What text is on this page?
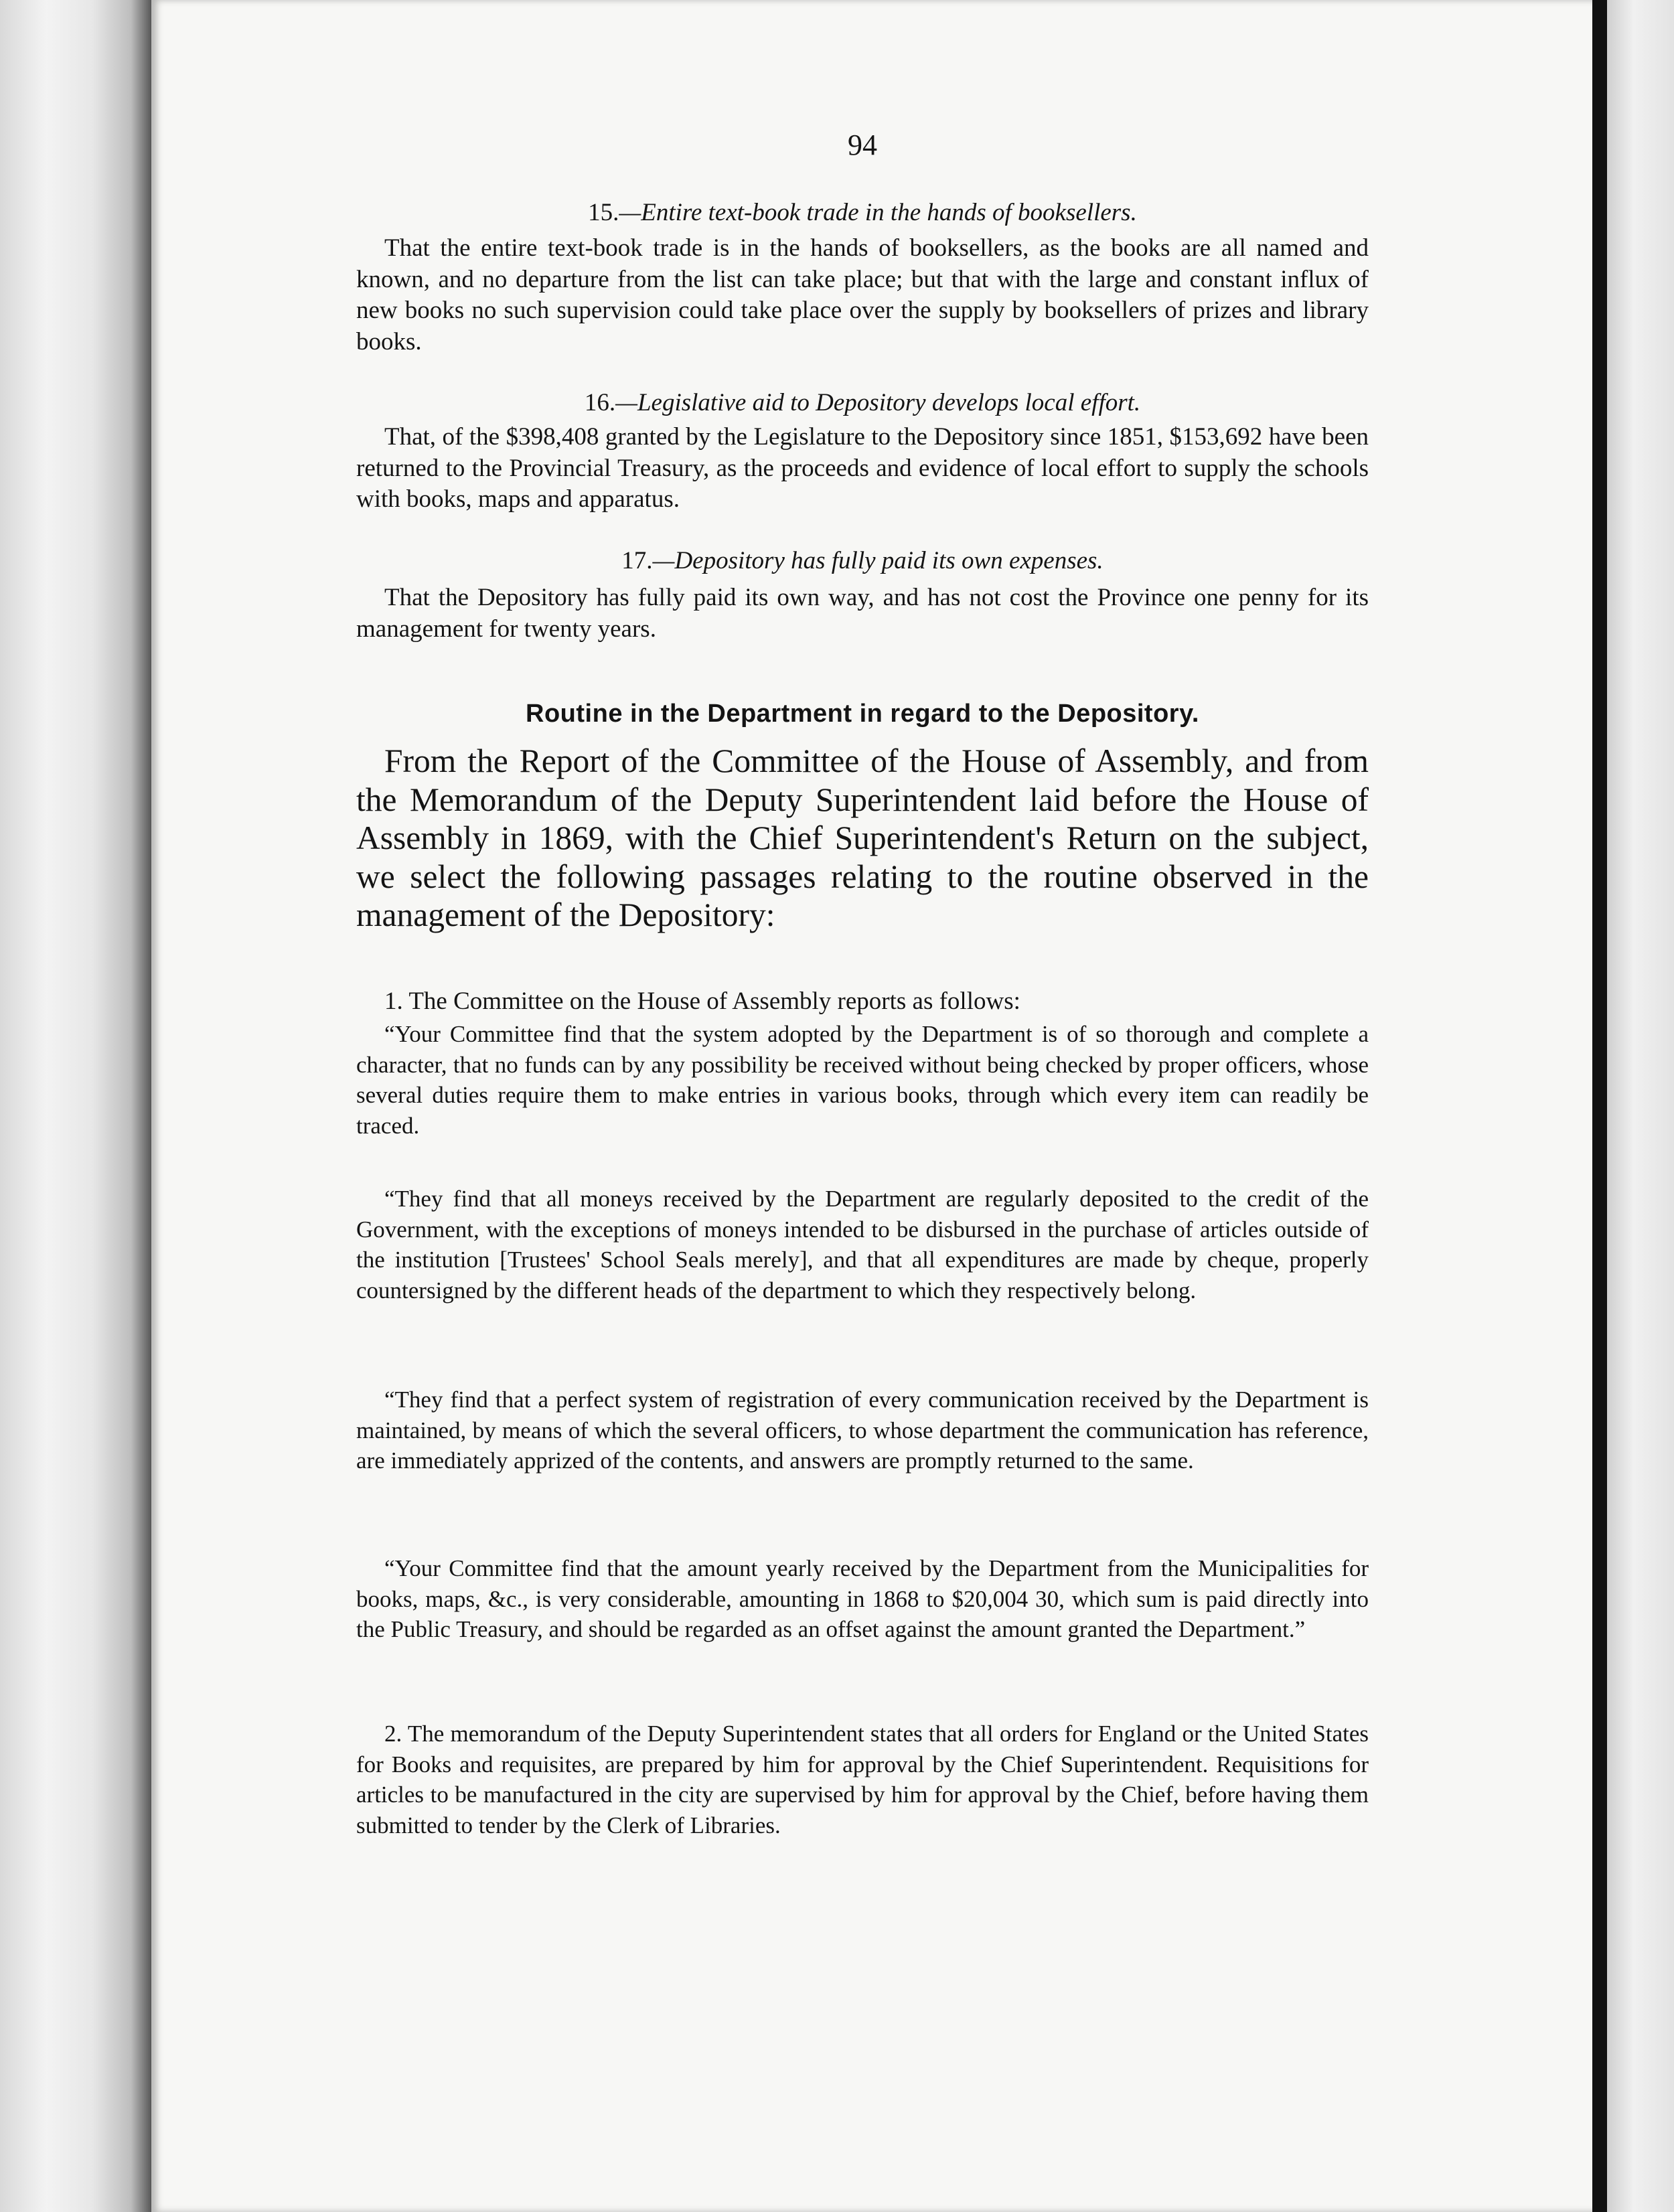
94
15.—Entire text-book trade in the hands of booksellers.

That the entire text-book trade is in the hands of booksellers, as the books are all named and known, and no departure from the list can take place; but that with the large and constant influx of new books no such supervision could take place over the supply by booksellers of prizes and library books.

16.—Legislative aid to Depository develops local effort.

That, of the $398,408 granted by the Legislature to the Depository since 1851, $153,692 have been returned to the Provincial Treasury, as the proceeds and evidence of local effort to supply the schools with books, maps and apparatus.

17.—Depository has fully paid its own expenses.

That the Depository has fully paid its own way, and has not cost the Province one penny for its management for twenty years.

Routine in the Department in regard to the Depository.

From the Report of the Committee of the House of Assembly, and from the Memorandum of the Deputy Superintendent laid before the House of Assembly in 1869, with the Chief Superintendent's Return on the subject, we select the following passages relating to the routine observed in the management of the Depository:

1. The Committee on the House of Assembly reports as follows:

“Your Committee find that the system adopted by the Department is of so thorough and complete a character, that no funds can by any possibility be received without being checked by proper officers, whose several duties require them to make entries in various books, through which every item can readily be traced.

“They find that all moneys received by the Department are regularly deposited to the credit of the Government, with the exceptions of moneys intended to be disbursed in the purchase of articles outside of the institution [Trustees' School Seals merely], and that all expenditures are made by cheque, properly countersigned by the different heads of the department to which they respectively belong.

“They find that a perfect system of registration of every communication received by the Department is maintained, by means of which the several officers, to whose department the communication has reference, are immediately apprized of the contents, and answers are promptly returned to the same.

“Your Committee find that the amount yearly received by the Department from the Municipalities for books, maps, &c., is very considerable, amounting in 1868 to $20,004 30, which sum is paid directly into the Public Treasury, and should be regarded as an offset against the amount granted the Department.”

2. The memorandum of the Deputy Superintendent states that all orders for England or the United States for Books and requisites, are prepared by him for approval by the Chief Superintendent. Requisitions for articles to be manufactured in the city are supervised by him for approval by the Chief, before having them submitted to tender by the Clerk of Libraries.
